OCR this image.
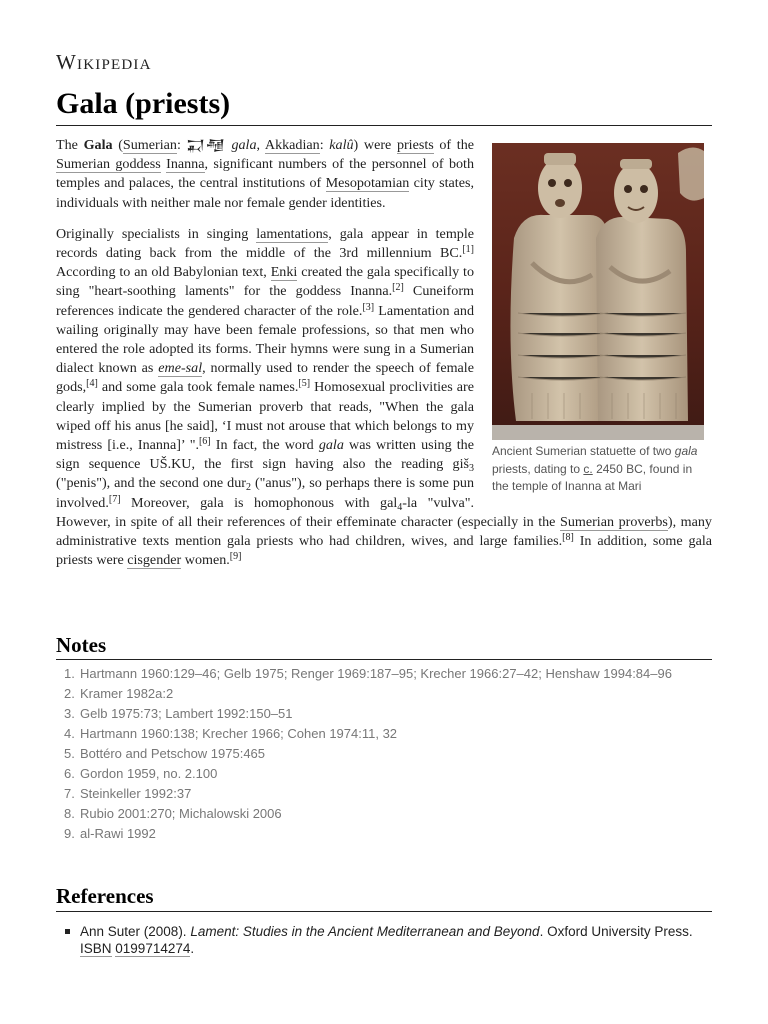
Wikipedia
Gala (priests)
Ancient Sumerian statuette of two gala priests, dating to c. 2450 BC, found in the temple of Inanna at Mari

The Gala (Sumerian: 𒍑𒆷 gala, Akkadian: kalû) were priests of the Sumerian goddess Inanna, significant numbers of the personnel of both temples and palaces, the central institutions of Mesopotamian city states, individuals with neither male nor female gender identities.

Originally specialists in singing lamentations, gala appear in temple records dating back from the middle of the 3rd millennium BC.[1] According to an old Babylonian text, Enki created the gala specifically to sing "heart-soothing laments" for the goddess Inanna.[2] Cuneiform references indicate the gendered character of the role.[3] Lamentation and wailing originally may have been female professions, so that men who entered the role adopted its forms. Their hymns were sung in a Sumerian dialect known as eme-sal, normally used to render the speech of female gods,[4] and some gala took female names.[5] Homosexual proclivities are clearly implied by the Sumerian proverb that reads, "When the gala wiped off his anus [he said], ‘I must not arouse that which belongs to my mistress [i.e., Inanna]’ ".[6] In fact, the word gala was written using the sign sequence UŠ.KU, the first sign having also the reading giš$_3$ ("penis"), and the second one dur$_2$ ("anus"), so perhaps there is some pun involved.[7] Moreover, gala is homophonous with gal$_4$-la "vulva". However, in spite of all their references of their effeminate character (especially in the Sumerian proverbs), many administrative texts mention gala priests who had children, wives, and large families.[8] In addition, some gala priests were cisgender women.[9]

Notes
1. Hartmann 1960:129–46; Gelb 1975; Renger 1969:187–95; Krecher 1966:27–42; Henshaw 1994:84–96
2. Kramer 1982a:2
3. Gelb 1975:73; Lambert 1992:150–51
4. Hartmann 1960:138; Krecher 1966; Cohen 1974:11, 32
5. Bottéro and Petschow 1975:465
6. Gordon 1959, no. 2.100
7. Steinkeller 1992:37
8. Rubio 2001:270; Michalowski 2006
9. al-Rawi 1992
References
Ann Suter (2008). Lament: Studies in the Ancient Mediterranean and Beyond. Oxford University Press. ISBN 0199714274.
